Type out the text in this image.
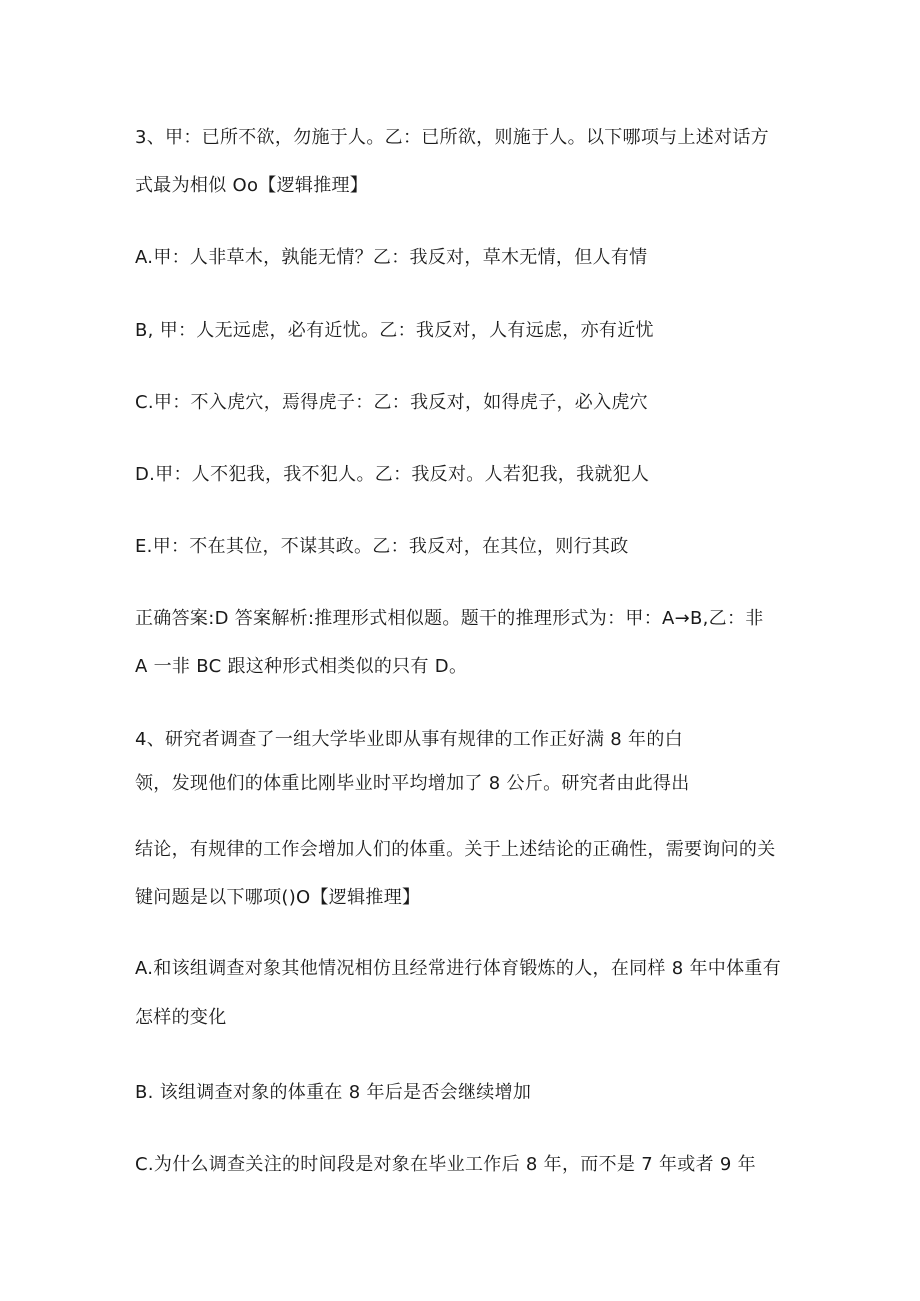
3、甲：已所不欲，勿施于人。乙：已所欲，则施于人。以下哪项与上述对话方

式最为相似 Oo【逻辑推理】

A.甲：人非草木，孰能无情？乙：我反对，草木无情，但人有情

B, 甲：人无远虑，必有近忧。乙：我反对，人有远虑，亦有近忧

C.甲：不入虎穴，焉得虎子：乙：我反对，如得虎子，必入虎穴

D.甲：人不犯我，我不犯人。乙：我反对。人若犯我，我就犯人

E.甲：不在其位，不谋其政。乙：我反对，在其位，则行其政

正确答案:D 答案解析:推理形式相似题。题干的推理形式为：甲：A→B,乙：非

A 一非 BC 跟这种形式相类似的只有 D。

4、研究者调查了一组大学毕业即从事有规律的工作正好满 8 年的白

领，发现他们的体重比刚毕业时平均增加了 8 公斤。研究者由此得出

结论，有规律的工作会增加人们的体重。关于上述结论的正确性，需要询问的关

键问题是以下哪项()O【逻辑推理】

A.和该组调查对象其他情况相仿且经常进行体育锻炼的人，在同样 8 年中体重有

怎样的变化

B. 该组调查对象的体重在 8 年后是否会继续增加

C.为什么调查关注的时间段是对象在毕业工作后 8 年，而不是 7 年或者 9 年
